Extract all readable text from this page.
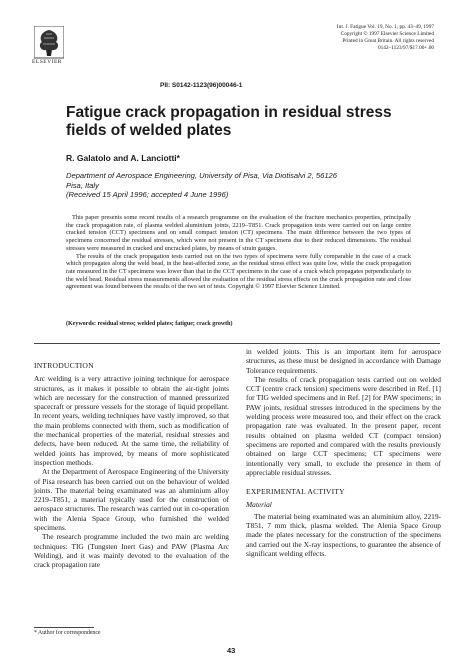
ELSEVIER
Int. J. Fatigue Vol. 19, No. 1, pp. 43–49, 1997
Copyright © 1997 Elsevier Science Limited
Printed in Great Britain. All rights reserved
0142–1123/97/$17.00+.00
PII: S0142-1123(96)00046-1
Fatigue crack propagation in residual stress fields of welded plates
R. Galatolo and A. Lanciotti*
Department of Aerospace Engineering, University of Pisa, Via Diotisalvi 2, 56126
Pisa, Italy
(Received 15 April 1996; accepted 4 June 1996)

This paper presents some recent results of a research programme on the evaluation of the fracture mechanics properties, principally the crack propagation rate, of plasma welded aluminium joints, 2219–T851. Crack propagation tests were carried out on large centre cracked tension (CCT) specimens and on small compact tension (CT) specimens. The main difference between the two types of specimens concerned the residual stresses, which were not present in the CT specimens due to their reduced dimensions. The residual stresses were measured in cracked and uncracked plates, by means of strain gauges.

The results of the crack propagation tests carried out on the two types of specimens were fully comparable in the case of a crack which propagates along the weld bead, in the heat-affected zone, as the residual stress effect was quite low, while the crack propagation rate measured in the CT specimens was lower than that in the CCT specimens in the case of a crack which propagates perpendicularly to the weld bead. Residual stress measurements allowed the evaluation of the residual stress effects on the crack propagation rate and close agreement was found between the results of the two set of tests. Copyright © 1997 Elsevier Science Limited.

(Keywords: residual stress; welded plates; fatigue; crack growth)
INTRODUCTION

Arc welding is a very attractive joining technique for aerospace structures, as it makes it possible to obtain the air-tight joints which are necessary for the construction of manned pressurized spacecraft or pressure vessels for the storage of liquid propellant. In recent years, welding techniques have vastly improved, so that the main problems connected with them, such as modification of the mechanical properties of the material, residual stresses and defects, have been reduced. At the same time, the reliability of welded joints has improved, by means of more sophisticated inspection methods.

At the Department of Aerospace Engineering of the University of Pisa research has been carried out on the behaviour of welded joints. The material being examinated was an aluminium alloy 2219–T851, a material typically used for the construction of aerospace structures. The research was carried out in co-operation with the Alenia Space Group, who furnished the welded specimens.

The research programme included the two main arc welding techniques: TIG (Tungsten Inert Gas) and PAW (Plasma Arc Welding), and it was mainly devoted to the evaluation of the crack propagation rate

in welded joints. This is an important item for aerospace structures, as these must be designed in accordance with Damage Tolerance requirements.

The results of crack propagation tests carried out on welded CCT (centre crack tension) specimens were described in Ref. [1] for TIG welded specimens and in Ref. [2] for PAW specimens; in PAW joints, residual stresses introduced in the specimens by the welding process were measured too, and their effect on the crack propagation rate was evaluated. In the present paper, recent results obtained on plasma welded CT (compact tension) specimens are reported and compared with the results previously obtained on large CCT specimens; CT specimens were intentionally very small, to exclude the presence in them of appreciable residual stresses.

EXPERIMENTAL ACTIVITY
Material

The material being examinated was an aluminium alloy, 2219-T851, 7 mm thick, plasma welded. The Alenia Space Group made the plates necessary for the construction of the specimens and carried out the X-ray inspections, to guarantee the absence of significant welding effects.

* Author for correspondence
43
